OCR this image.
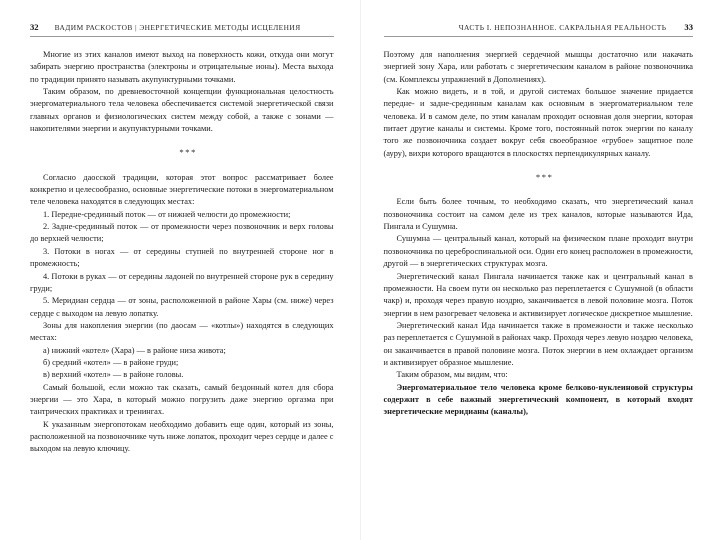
32 ВАДИМ РАСКОСТОВ | ЭНЕРГЕТИЧЕСКИЕ МЕТОДЫ ИСЦЕЛЕНИЯ

Многие из этих каналов имеют выход на поверхность кожи, откуда они могут забирать энергию пространства (электроны и отрицательные ионы). Места выхода по традиции принято называть акупунктурными точками.

Таким образом, по древневосточной концепции функциональная целостность энергоматериального тела человека обеспечивается системой энергетической связи главных органов и физиологических систем между собой, а также с зонами — накопителями энергии и акупунктурными точками.

***

Согласно даосской традиции, которая этот вопрос рассматривает более конкретно и целесообразно, основные энергетические потоки в энергоматериальном теле человека находятся в следующих местах:

1. Передне-срединный поток — от нижней челюсти до промежности;

2. Задне-срединный поток — от промежности через позвоночник и верх головы до верхней челюсти;

3. Потоки в ногах — от середины ступней по внутренней стороне ног в промежность;

4. Потоки в руках — от середины ладоней по внутренней стороне рук в середину груди;

5. Меридиан сердца — от зоны, расположенной в районе Хары (см. ниже) через сердце с выходом на левую лопатку.

Зоны для накопления энергии (по даосам — «котлы») находятся в следующих местах:

а) нижний «котел» (Хара) — в районе низа живота;

б) средний «котел» — в районе груди;

в) верхний «котел» — в районе головы.

Самый большой, если можно так сказать, самый бездонный котел для сбора энергии — это Хара, в который можно погрузить даже энергию оргазма при тантрических практиках и тренингах.

К указанным энергопотокам необходимо добавить еще один, который из зоны, расположенной на позвоночнике чуть ниже лопаток, проходит через сердце и далее с выходом на левую ключицу.

ЧАСТЬ I. НЕПОЗНАННОЕ. САКРАЛЬНАЯ РЕАЛЬНОСТЬ 33

Поэтому для наполнения энергией сердечной мышцы достаточно или накачать энергией зону Хара, или работать с энергетическим каналом в районе позвоночника (см. Комплексы упражнений в Дополнениях).

Как можно видеть, и в той, и другой системах большое значение придается передне- и задне-срединным каналам как основным в энергоматериальном теле человека. И в самом деле, по этим каналам проходит основная доля энергии, которая питает другие каналы и системы. Кроме того, постоянный поток энергии по каналу того же позвоночника создает вокруг себя своеобразное «грубое» защитное поле (ауру), вихри которого вращаются в плоскостях перпендикулярных каналу.

***

Если быть более точным, то необходимо сказать, что энергетический канал позвоночника состоит на самом деле из трех каналов, которые называются Ида, Пингала и Сушумна.

Сушумна — центральный канал, который на физическом плане проходит внутри позвоночника по цереброспинальной оси. Один его конец расположен в промежности, другой — в энергетических структурах мозга.

Энергетический канал Пингала начинается также как и центральный канал в промежности. На своем пути он несколько раз переплетается с Сушумной (в области чакр) и, проходя через правую ноздрю, заканчивается в левой половине мозга. Поток энергии в нем разогревает человека и активизирует логическое дискретное мышление.

Энергетический канал Ида начинается также в промежности и также несколько раз переплетается с Сушумной в районах чакр. Проходя через левую ноздрю человека, он заканчивается в правой половине мозга. Поток энергии в нем охлаждает организм и активизирует образное мышление.

Таким образом, мы видим, что:

Энергоматериальное тело человека кроме белково-нуклеиновой структуры содержит в себе важный энергетический компонент, в который входят энергетические меридианы (каналы),
